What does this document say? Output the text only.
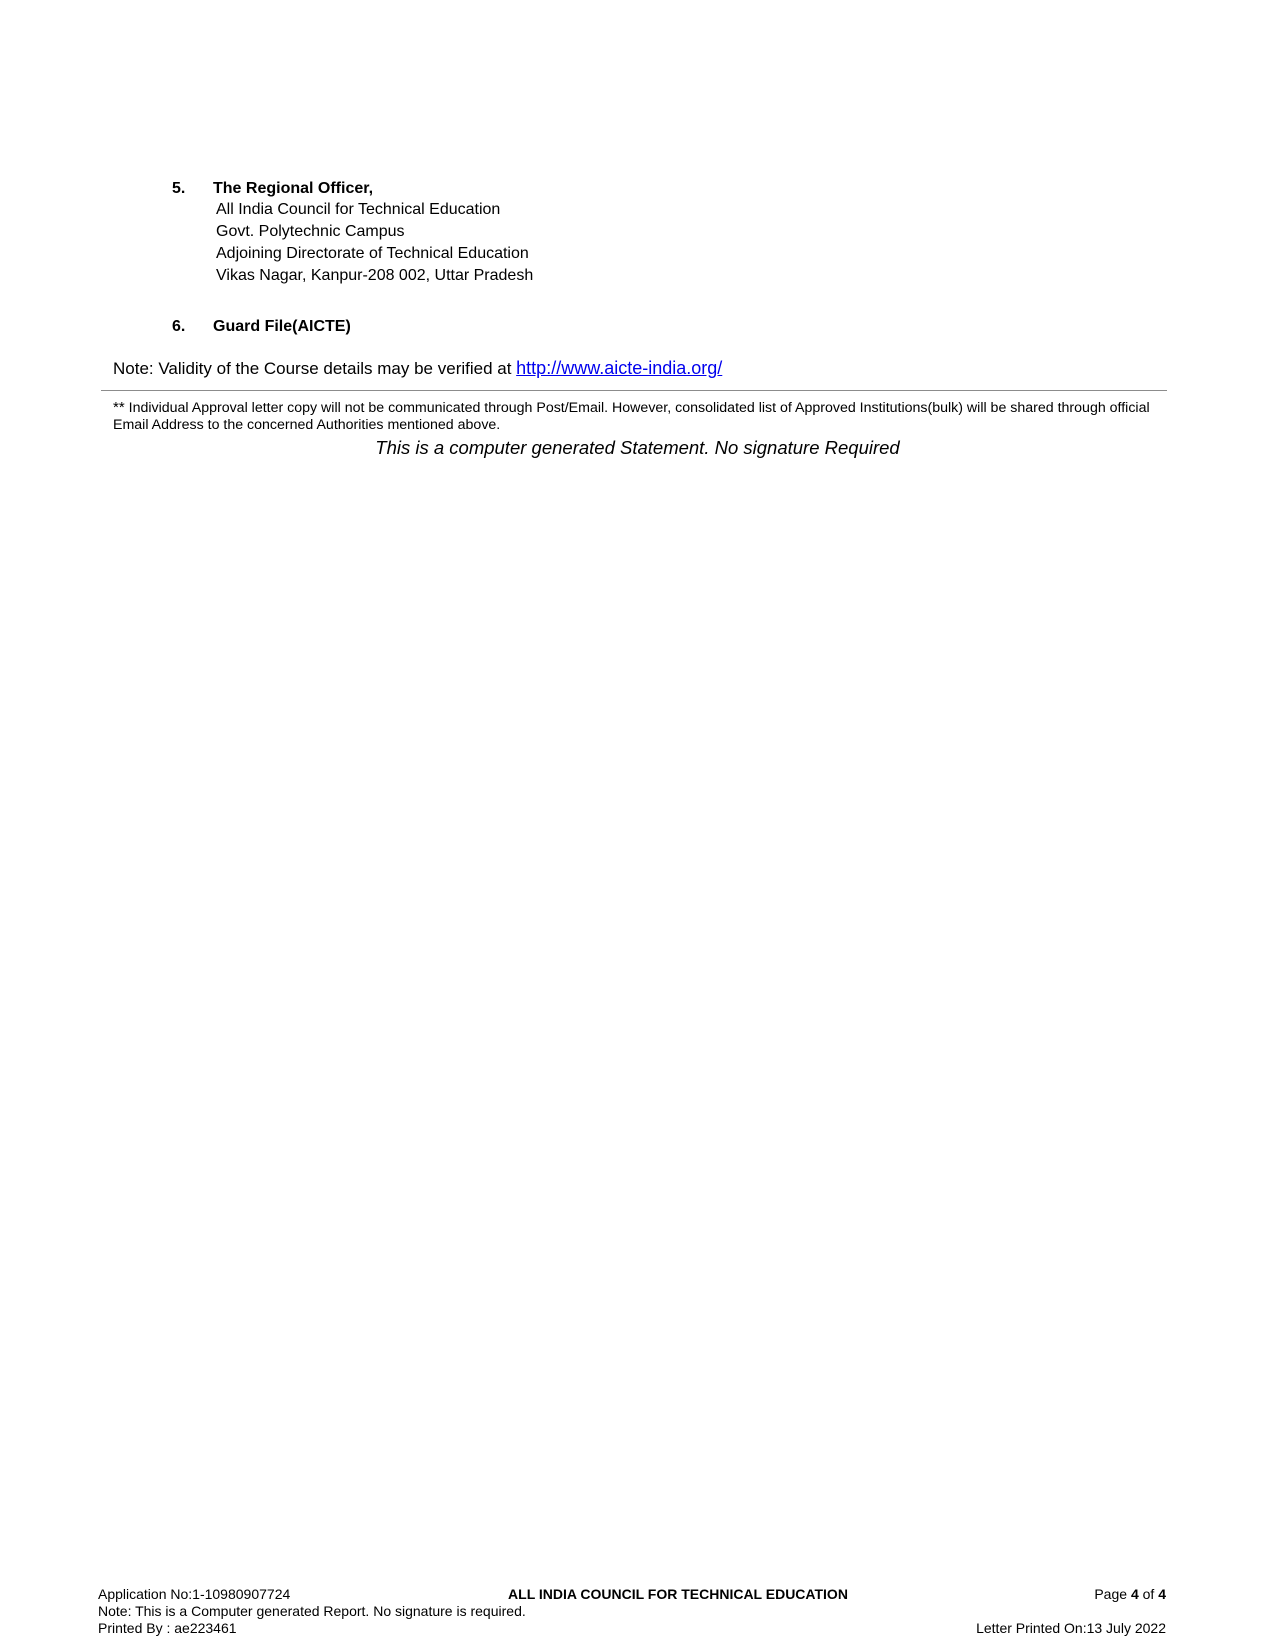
5. The Regional Officer,
All India Council for Technical Education
Govt. Polytechnic Campus
Adjoining Directorate of Technical Education
Vikas Nagar, Kanpur-208 002, Uttar Pradesh
6. Guard File(AICTE)
Note: Validity of the Course details may be verified at http://www.aicte-india.org/
** Individual Approval letter copy will not be communicated through Post/Email. However, consolidated list of Approved Institutions(bulk) will be shared through official Email Address to the concerned Authorities mentioned above.
This is a computer generated Statement. No signature Required
Application No:1-10980907724	ALL INDIA COUNCIL FOR TECHNICAL EDUCATION	Page 4 of 4
Note: This is a Computer generated Report. No signature is required.
Printed By : ae223461	Letter Printed On:13 July 2022
